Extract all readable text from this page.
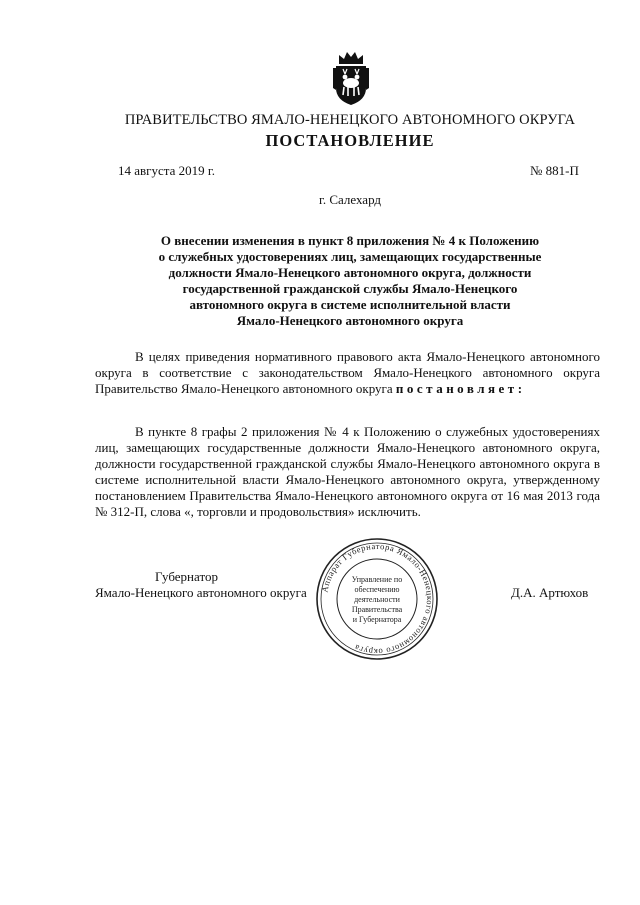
ПРАВИТЕЛЬСТВО ЯМАЛО-НЕНЕЦКОГО АВТОНОМНОГО ОКРУГА
ПОСТАНОВЛЕНИЕ
14 августа 2019 г.	№ 881-П
г. Салехард
О внесении изменения в пункт 8 приложения № 4 к Положению
о служебных удостоверениях лиц, замещающих государственные
должности Ямало-Ненецкого автономного округа, должности
государственной гражданской службы Ямало-Ненецкого
автономного округа в системе исполнительной власти
Ямало-Ненецкого автономного округа

В целях приведения нормативного правового акта Ямало-Ненецкого автономного округа в соответствие с законодательством Ямало-Ненецкого автономного округа Правительство Ямало-Ненецкого автономного округа постановляет:

В пункте 8 графы 2 приложения № 4 к Положению о служебных удостоверениях лиц, замещающих государственные должности Ямало-Ненецкого автономного округа, должности государственной гражданской службы Ямало-Ненецкого автономного округа в системе исполнительной власти Ямало-Ненецкого автономного округа, утвержденному постановлением Правительства Ямало-Ненецкого автономного округа от 16 мая 2013 года № 312-П, слова «, торговли и продовольствия» исключить.

Губернатор
Ямало-Ненецкого автономного округа	Д.А. Артюхов
Аппарат Губернатора Ямало-Ненецкого автономного округа
Управление по
обеспечению
деятельности
Правительства
и Губернатора
